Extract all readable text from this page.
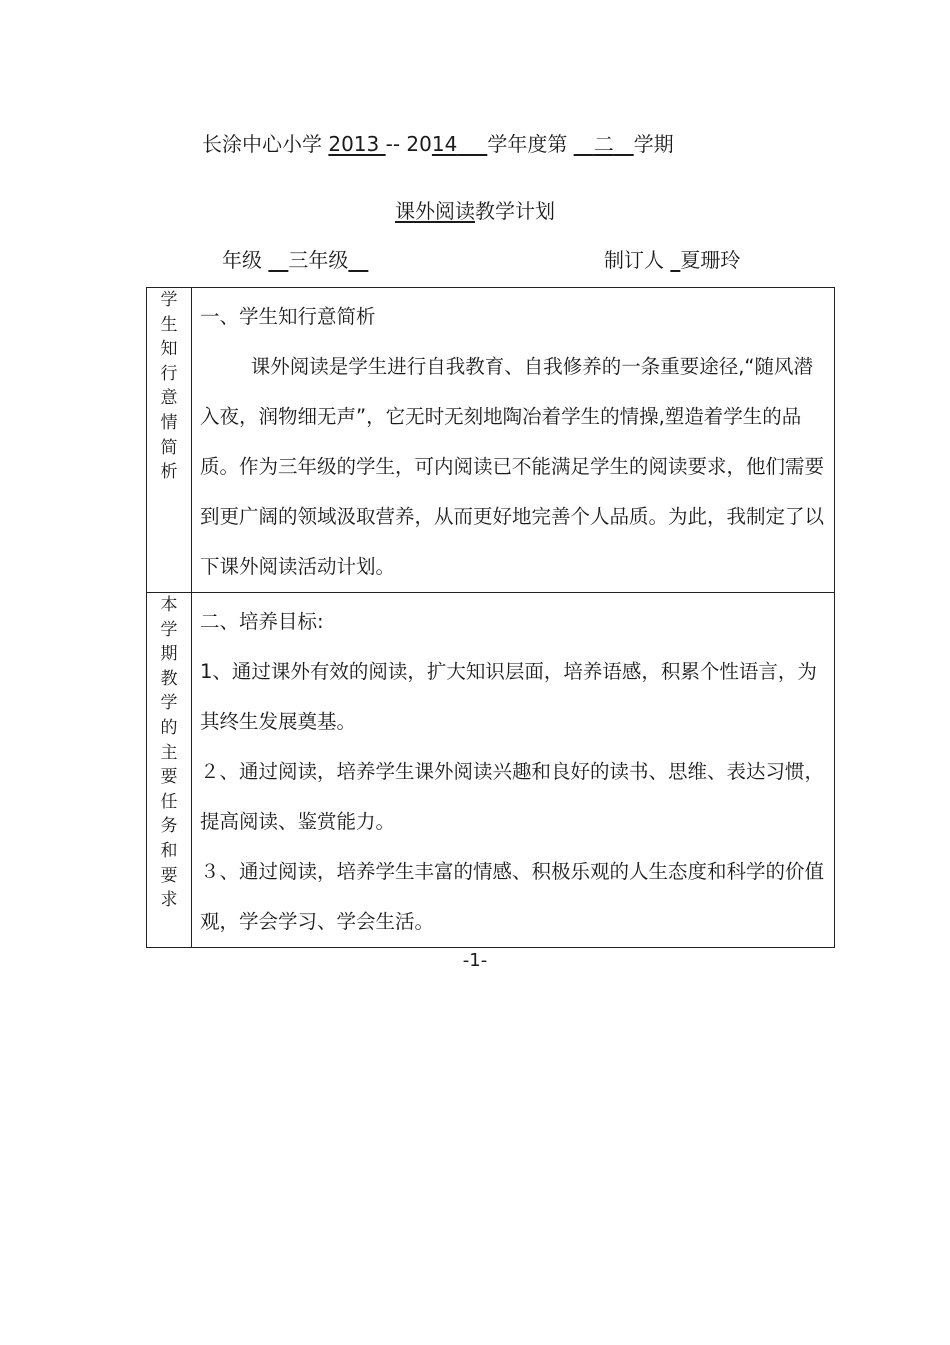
长涂中心小学 2013 -- 2014    学年度第    二   学期
课外阅读教学计划
年级    三年级  	制订人   夏珊玲
学生知行意情简析	一、学生知行意简析

课外阅读是学生进行自我教育、自我修养的一条重要途径,“随风潜入夜，润物细无声”，它无时无刻地陶冶着学生的情操,塑造着学生的品质。作为三年级的学生，可内阅读已不能满足学生的阅读要求，他们需要到更广阔的领域汲取营养，从而更好地完善个人品质。为此，我制定了以下课外阅读活动计划。

本学期教学的主要任务和要求	二、培养目标:

1、通过课外有效的阅读，扩大知识层面，培养语感，积累个性语言，为其终生发展奠基。

２、通过阅读，培养学生课外阅读兴趣和良好的读书、思维、表达习惯，提高阅读、鉴赏能力。

３、通过阅读，培养学生丰富的情感、积极乐观的人生态度和科学的价值观，学会学习、学会生活。

-1-
